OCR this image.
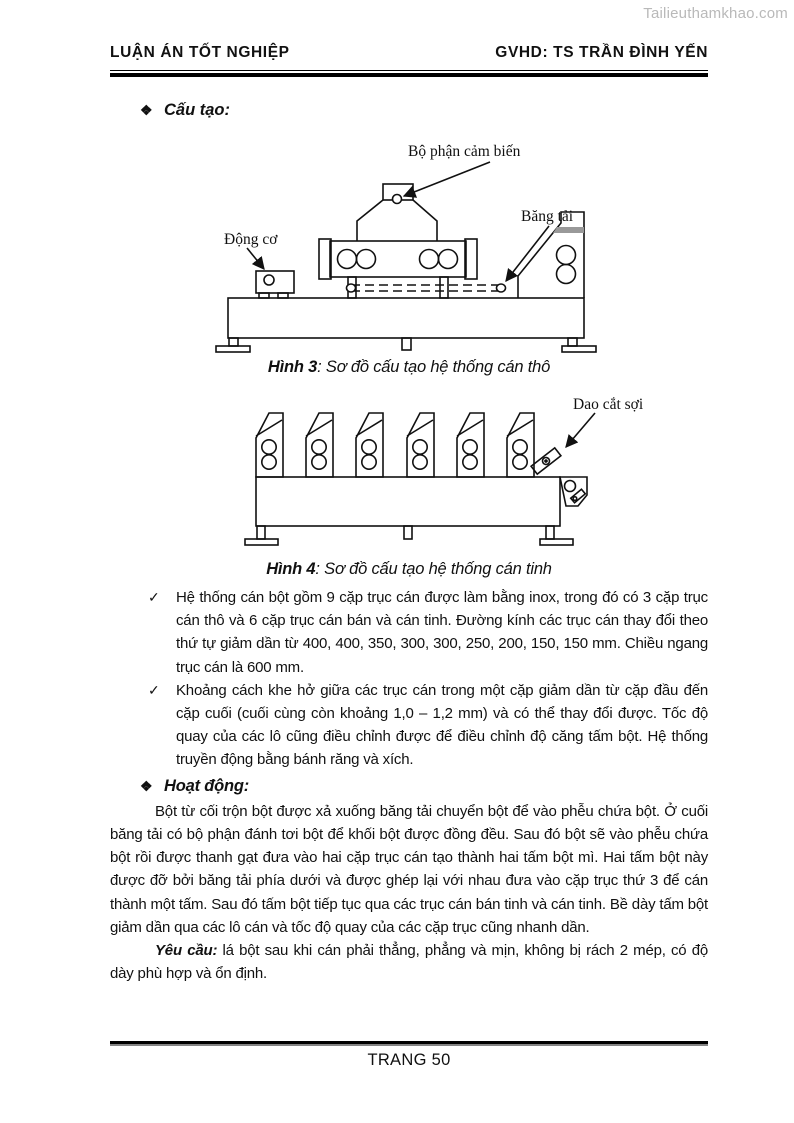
Tailieuthamkhao.com
LUẬN ÁN TỐT NGHIỆP	GVHD: TS TRẦN ĐÌNH YẾN
❖ Cấu tạo:
Bộ phận cảm biến
Động cơ
Băng tải
Hình 3: Sơ đồ cấu tạo hệ thống cán thô
Dao cắt sợi
Hình 4: Sơ đồ cấu tạo hệ thống cán tinh
✓ Hệ thống cán bột gồm 9 cặp trục cán được làm bằng inox, trong đó có 3 cặp trục cán thô và 6 cặp trục cán bán và cán tinh. Đường kính các trục cán thay đổi theo thứ tự giảm dần từ 400, 400, 350, 300, 300, 250, 200, 150, 150 mm. Chiều ngang trục cán là 600 mm.
✓ Khoảng cách khe hở giữa các trục cán trong một cặp giảm dần từ cặp đầu đến cặp cuối (cuối cùng còn khoảng 1,0 – 1,2 mm) và có thể thay đổi được. Tốc độ quay của các lô cũng điều chỉnh được để điều chỉnh độ căng tấm bột. Hệ thống truyền động bằng bánh răng và xích.
❖ Hoạt động:

Bột từ cối trộn bột được xả xuống băng tải chuyển bột để vào phễu chứa bột. Ở cuối băng tải có bộ phận đánh tơi bột để khối bột được đồng đều. Sau đó bột sẽ vào phễu chứa bột rồi được thanh gạt đưa vào hai cặp trục cán tạo thành hai tấm bột mì. Hai tấm bột này được đỡ bởi băng tải phía dưới và được ghép lại với nhau đưa vào cặp trục thứ 3 để cán thành một tấm. Sau đó tấm bột tiếp tục qua các trục cán bán tinh và cán tinh. Bề dày tấm bột giảm dần qua các lô cán và tốc độ quay của các cặp trục cũng nhanh dần.

Yêu cầu: lá bột sau khi cán phải thẳng, phẳng và mịn, không bị rách 2 mép, có độ dày phù hợp và ổn định.

TRANG 50
